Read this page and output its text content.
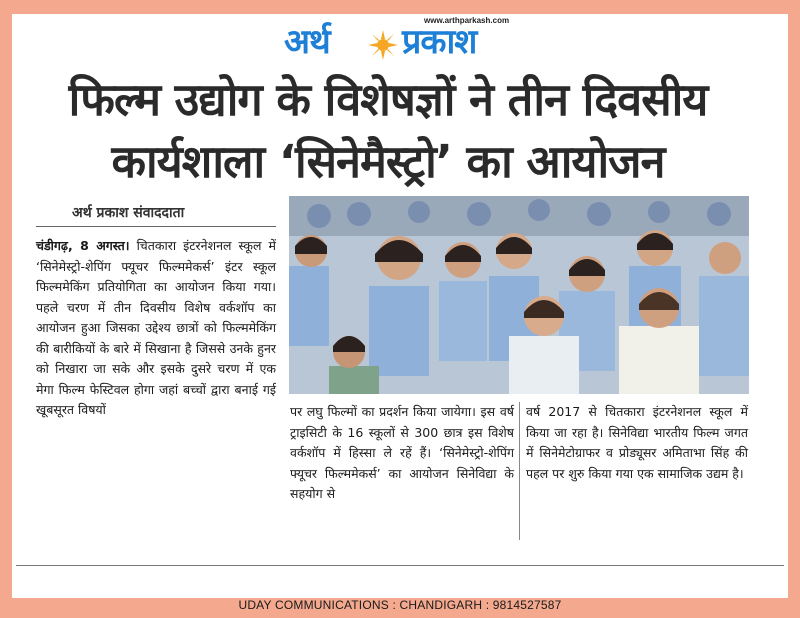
www.arthparkash.com
अर्थ प्रकाश
फिल्म उद्योग के विशेषज्ञों ने तीन दिवसीय
कार्यशाला ‘सिनेमैस्ट्रो’ का आयोजन
अर्थ प्रकाश संवाददाता
चंडीगढ़, 8 अगस्त। चितकारा इंटरनेशनल स्कूल में ‘सिनेमेस्ट्रो-शेपिंग फ्यूचर फिल्ममेकर्स’ इंटर स्कूल फिल्ममेकिंग प्रतियोगिता का आयोजन किया गया। पहले चरण में तीन दिवसीय विशेष वर्कशॉप का आयोजन हुआ जिसका उद्देश्य छात्रों को फिल्ममेकिंग की बारीकियों के बारे में सिखाना है जिससे उनके हुनर को निखारा जा सके और इसके दुसरे चरण में एक मेगा फिल्म फेस्टिवल होगा जहां बच्चों द्वारा बनाई गई खूबसूरत विषयों	पर लघु फिल्मों का प्रदर्शन किया जायेगा। इस वर्ष ट्राइसिटी के 16 स्कूलों से 300 छात्र इस विशेष वर्कशॉप में हिस्सा ले रहें हैं। ‘सिनेमेस्ट्रो-शेपिंग फ्यूचर फिल्ममेकर्स’ का आयोजन सिनेविद्या के सहयोग से
वर्ष 2017 से चितकारा इंटरनेशनल स्कूल में किया जा रहा है। सिनेविद्या भारतीय फिल्म जगत में सिनेमेटोग्राफर व प्रोड्यूसर अमिताभा सिंह की पहल पर शुरु किया गया एक सामाजिक उद्यम है।
UDAY COMMUNICATIONS : CHANDIGARH : 9814527587
